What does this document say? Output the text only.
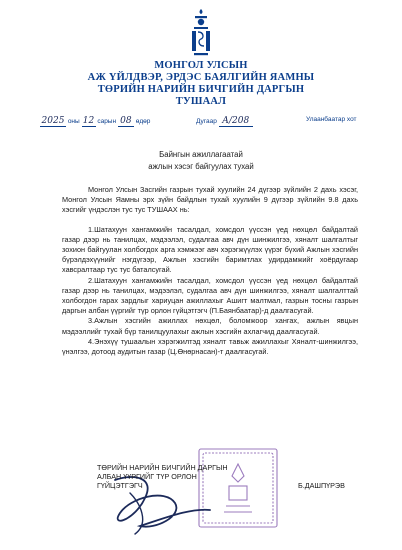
МОНГОЛ УЛСЫН
АЖ ҮЙЛДВЭР, ЭРДЭС БАЯЛГИЙН ЯАМНЫ
ТӨРИЙН НАРИЙН БИЧГИЙН ДАРГЫН
ТУШААЛ
2025 оны 12 сарын 08 өдөр	Дугаар А/208	Улаанбаатар хот
Байнгын ажиллагаатай
ажлын хэсэг байгуулах тухай

Монгол Улсын Засгийн газрын тухай хуулийн 24 дүгээр зүйлийн 2 дахь хэсэг, Монгол Улсын Яамны эрх зүйн байдлын тухай хуулийн 9 дүгээр зүйлийн 9.8 дахь хэсгийг үндэслэн тус тус ТУШААХ нь:

1.Шатахуун хангамжийн тасалдал, хомсдол үүссэн үед нөхцөл байдалтай газар дээр нь танилцах, мэдээлэл, судалгаа авч дүн шинжилгээ, хяналт шалгалтыг зохион байгуулан холбогдох арга хэмжээг авч хэрэгжүүлэх үүрэг бүхий Ажлын хэсгийн бүрэлдэхүүнийг нэгдүгээр, Ажлын хэсгийн баримтлах удирдамжийг хоёрдугаар хавсралтаар тус тус баталсугай.

2.Шатахуун хангамжийн тасалдал, хомсдол үүссэн үед нөхцөл байдалтай газар дээр нь танилцах, мэдээлэл, судалгаа авч дүн шинжилгээ, хяналт шалгалттай холбогдон гарах зардлыг хариуцан ажиллахыг Ашигт малтмал, газрын тосны газрын даргын албан үүргийг түр орлон гүйцэтгэгч (П.Баянбаатар)-д даалгасугай.

3.Ажлын хэсгийн ажиллах нөхцөл, боломжоор хангах, ажлын явцын мэдээллийг тухай бүр танилцуулахыг ажлын хэсгийн ахлагчид даалгасугай.

4.Энэхүү тушаалын хэрэгжилтэд хяналт тавьж ажиллахыг Хяналт-шинжилгээ, үнэлгээ, дотоод аудитын газар (Ц.Өнөрнасан)-т даалгасугай.

ТӨРИЙН НАРИЙН БИЧГИЙН ДАРГЫН
АЛБАН ҮҮРГИЙГ ТҮР ОРЛОН
ГҮЙЦЭТГЭГЧ	Б.ДАШПҮРЭВ
